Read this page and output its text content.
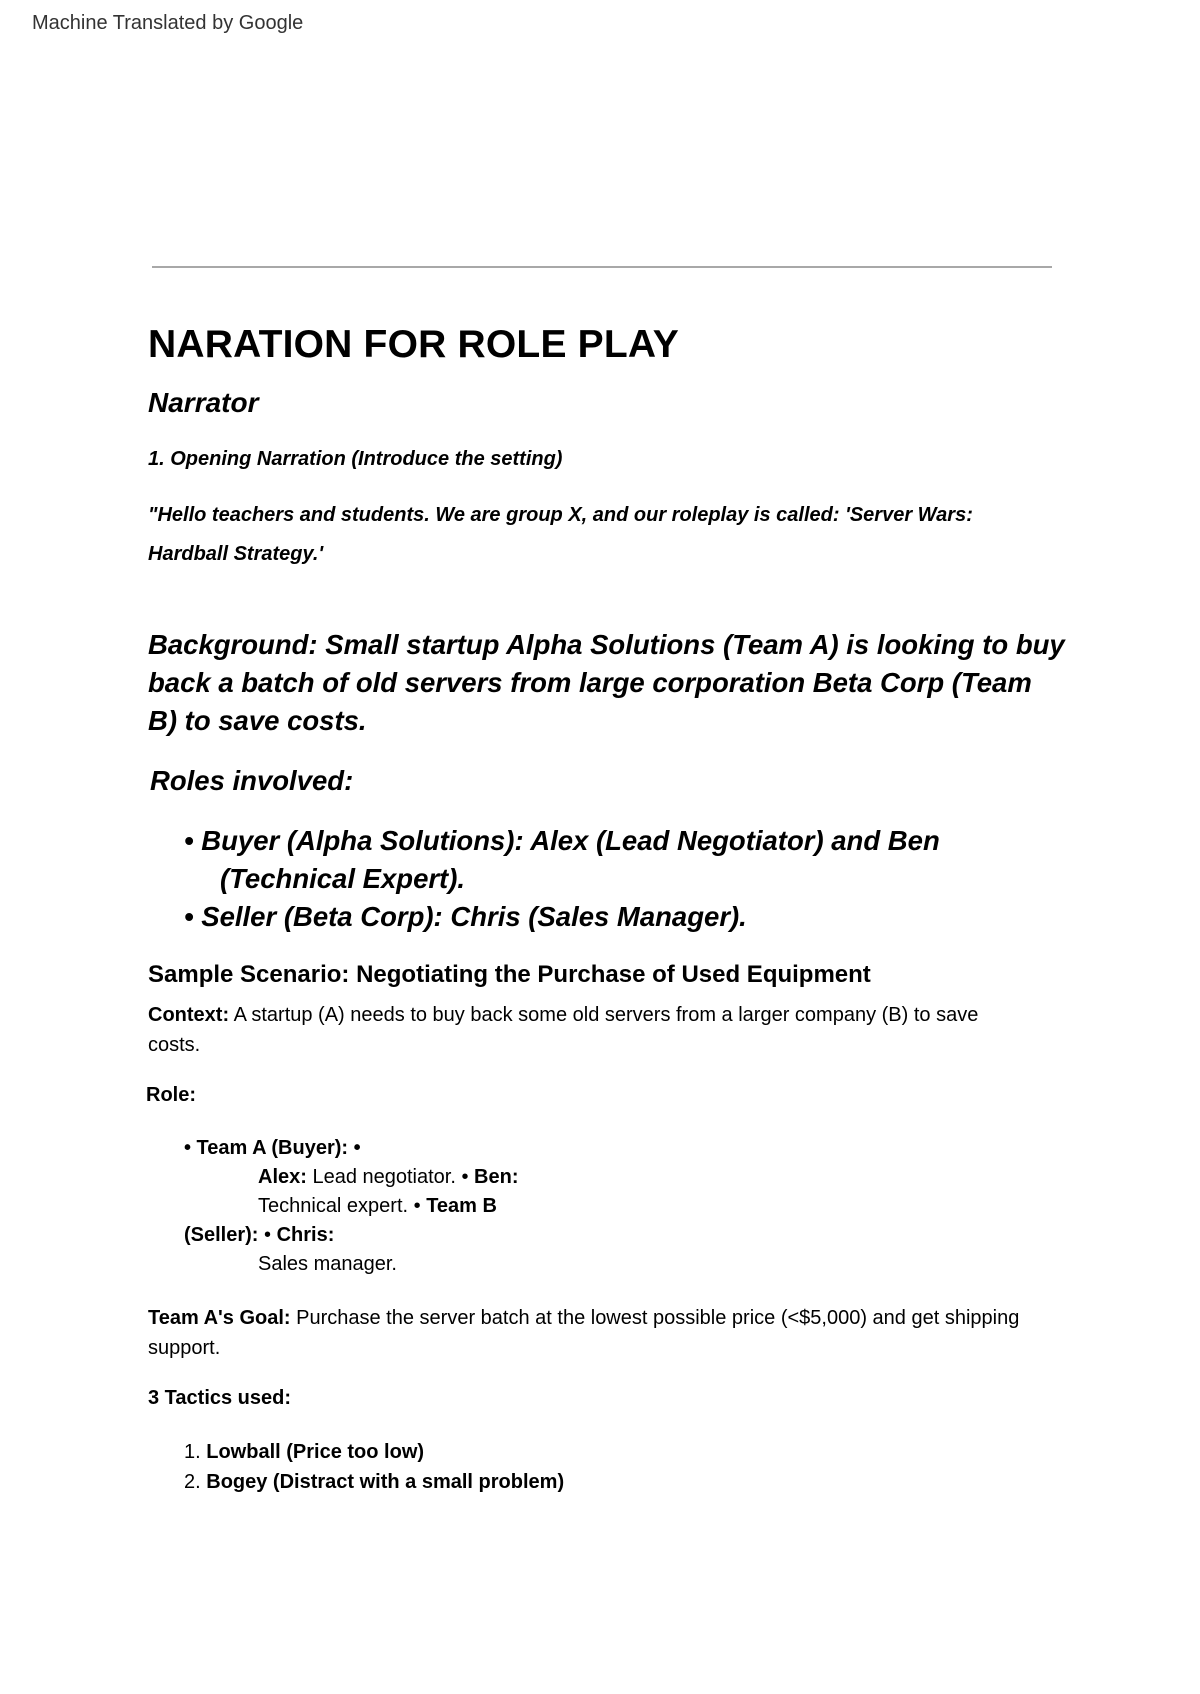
Machine Translated by Google
NARATION FOR ROLE PLAY

Narrator

1. Opening Narration (Introduce the setting)

"Hello teachers and students. We are group X, and our roleplay is called: 'Server Wars:
Hardball Strategy.'

Background: Small startup Alpha Solutions (Team A) is looking to buy back a batch of old servers from large corporation Beta Corp (Team B) to save costs.

Roles involved:

• Buyer (Alpha Solutions): Alex (Lead Negotiator) and Ben
(Technical Expert).
• Seller (Beta Corp): Chris (Sales Manager).

Sample Scenario: Negotiating the Purchase of Used Equipment

Context: A startup (A) needs to buy back some old servers from a larger company (B) to save costs.

Role:

• Team A (Buyer): •
Alex: Lead negotiator. • Ben:
Technical expert. • Team B
(Seller): • Chris:
Sales manager.

Team A's Goal: Purchase the server batch at the lowest possible price (<$5,000) and get shipping support.

3 Tactics used:

1. Lowball (Price too low)
2. Bogey (Distract with a small problem)
